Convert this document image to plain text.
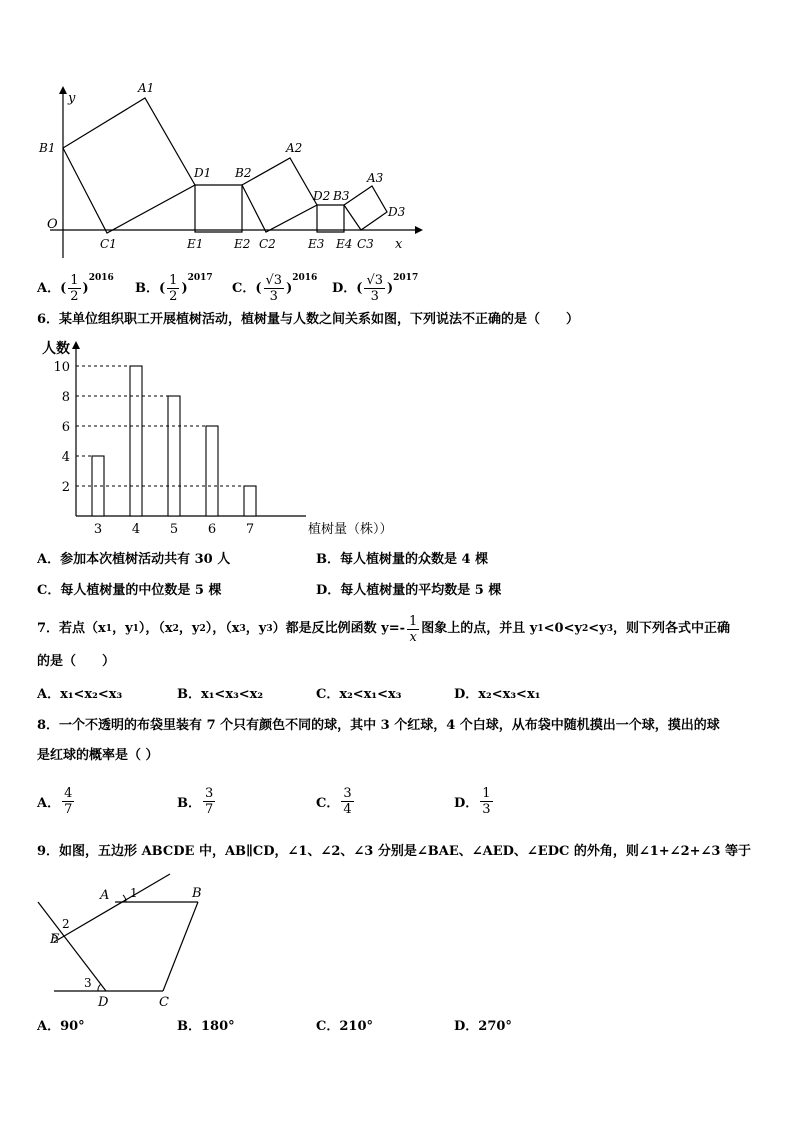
y
O
x
B1
A1
D1
C1	E1
B2
E2 C2
A2
D2 B3
E3 E4 C3
A3
D3
A．( $\frac{1}{2} )^{2016}$
B．( $\frac{1}{2} )^{2017}$
C．( $\frac{√3}{3} )^{2016}$
D．( $\frac{√3}{3} )^{2017}$
6．某单位组织职工开展植树活动，植树量与人数之间关系如图，下列说法不正确的是（　　）
人数
植树量（株））
3 4 5 6 7
2
4
6
8
10
A．参加本次植树活动共有 30 人	B．每人植树量的众数是 4 棵
C．每人植树量的中位数是 5 棵	D．每人植树量的平均数是 5 棵
7．若点（x 1 ，y 1 ），（x 2 ，y 2 ），（x 3 ，y 3 ）都是反比例函数 $y=- \frac{1}{x}$ 图象上的点，并且 y 1 <0<y 2 <y 3 ，则下列各式中正确
的是（　　）
A．x₁<x₂<x₃	B．x₁<x₃<x₂	C．x₂<x₁<x₃	D．x₂<x₃<x₁
8．一个不透明的布袋里装有 7 个只有颜色不同的球，其中 3 个红球，4 个白球，从布袋中随机摸出一个球，摸出的球
是红球的概率是（ ）
A． $\frac{4}{7}$	B． $\frac{3}{7}$	C． $\frac{3}{4}$	D． $\frac{1}{3}$
9．如图，五边形 ABCDE 中，AB∥CD，∠1、∠2、∠3 分别是∠BAE、∠AED、∠EDC 的外角，则∠1+∠2+∠3 等于
A	B
C
D
E
1
2
3
A．90°	B．180°	C．210°	D．270°
